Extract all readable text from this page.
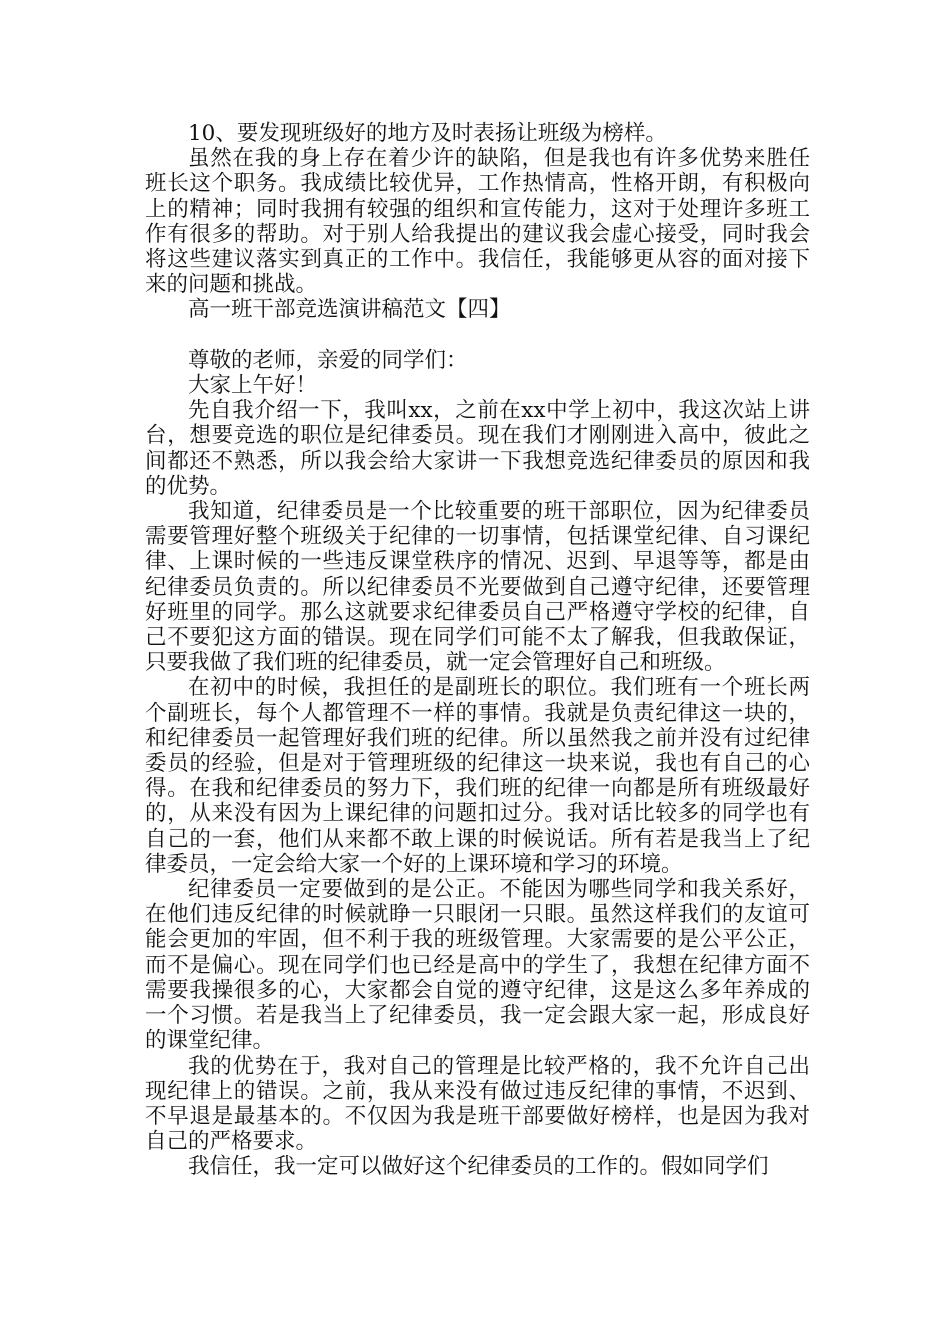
10、要发现班级好的地方及时表扬让班级为榜样。

虽然在我的身上存在着少许的缺陷，但是我也有许多优势来胜任班长这个职务。我成绩比较优异，工作热情高，性格开朗，有积极向上的精神；同时我拥有较强的组织和宣传能力，这对于处理许多班工作有很多的帮助。对于别人给我提出的建议我会虚心接受，同时我会将这些建议落实到真正的工作中。我信任，我能够更从容的面对接下来的问题和挑战。

高一班干部竞选演讲稿范文【四】

尊敬的老师，亲爱的同学们：

大家上午好！

先自我介绍一下，我叫xx，之前在xx中学上初中，我这次站上讲台，想要竞选的职位是纪律委员。现在我们才刚刚进入高中，彼此之间都还不熟悉，所以我会给大家讲一下我想竞选纪律委员的原因和我的优势。

我知道，纪律委员是一个比较重要的班干部职位，因为纪律委员需要管理好整个班级关于纪律的一切事情，包括课堂纪律、自习课纪律、上课时候的一些违反课堂秩序的情况、迟到、早退等等，都是由纪律委员负责的。所以纪律委员不光要做到自己遵守纪律，还要管理好班里的同学。那么这就要求纪律委员自己严格遵守学校的纪律，自己不要犯这方面的错误。现在同学们可能不太了解我，但我敢保证，只要我做了我们班的纪律委员，就一定会管理好自己和班级。

在初中的时候，我担任的是副班长的职位。我们班有一个班长两个副班长，每个人都管理不一样的事情。我就是负责纪律这一块的，和纪律委员一起管理好我们班的纪律。所以虽然我之前并没有过纪律委员的经验，但是对于管理班级的纪律这一块来说，我也有自己的心得。在我和纪律委员的努力下，我们班的纪律一向都是所有班级最好的，从来没有因为上课纪律的问题扣过分。我对话比较多的同学也有自己的一套，他们从来都不敢上课的时候说话。所有若是我当上了纪律委员，一定会给大家一个好的上课环境和学习的环境。

纪律委员一定要做到的是公正。不能因为哪些同学和我关系好，在他们违反纪律的时候就睁一只眼闭一只眼。虽然这样我们的友谊可能会更加的牢固，但不利于我的班级管理。大家需要的是公平公正，而不是偏心。现在同学们也已经是高中的学生了，我想在纪律方面不需要我操很多的心，大家都会自觉的遵守纪律，这是这么多年养成的一个习惯。若是我当上了纪律委员，我一定会跟大家一起，形成良好的课堂纪律。

我的优势在于，我对自己的管理是比较严格的，我不允许自己出现纪律上的错误。之前，我从来没有做过违反纪律的事情，不迟到、不早退是最基本的。不仅因为我是班干部要做好榜样，也是因为我对自己的严格要求。

我信任，我一定可以做好这个纪律委员的工作的。假如同学们
